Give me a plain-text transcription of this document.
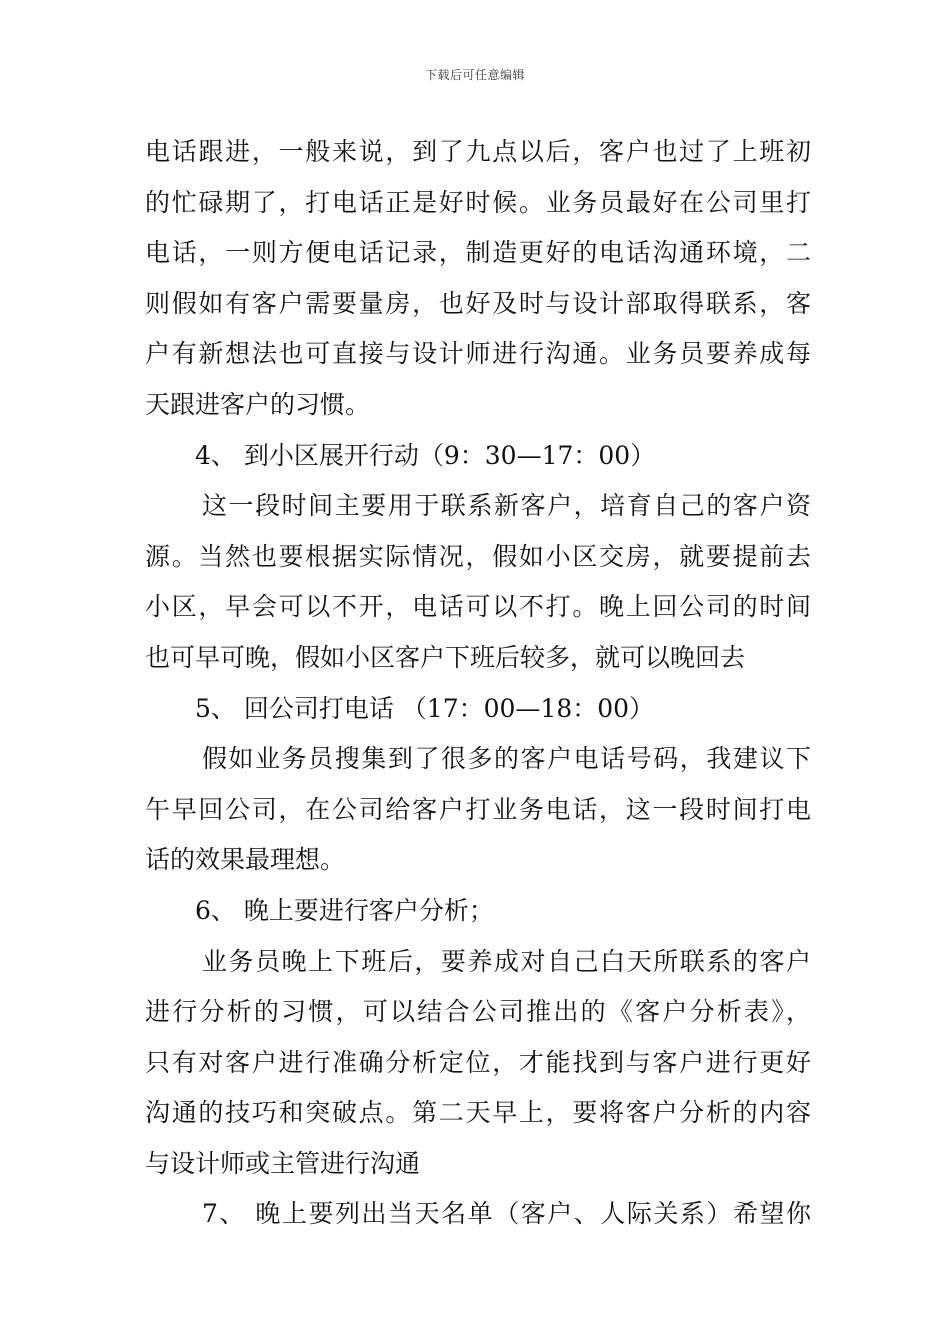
下载后可任意编辑
电话跟进，一般来说，到了九点以后，客户也过了上班初
的忙碌期了，打电话正是好时候。业务员最好在公司里打
电话，一则方便电话记录，制造更好的电话沟通环境，二
则假如有客户需要量房，也好及时与设计部取得联系，客
户有新想法也可直接与设计师进行沟通。业务员要养成每
天跟进客户的习惯。
4、 到小区展开行动（9：30—17：00）
这一段时间主要用于联系新客户，培育自己的客户资
源。当然也要根据实际情况，假如小区交房，就要提前去
小区，早会可以不开，电话可以不打。晚上回公司的时间
也可早可晚，假如小区客户下班后较多，就可以晚回去
5、 回公司打电话 （17：00—18：00）
假如业务员搜集到了很多的客户电话号码，我建议下
午早回公司，在公司给客户打业务电话，这一段时间打电
话的效果最理想。
6、 晚上要进行客户分析；
业务员晚上下班后，要养成对自己白天所联系的客户
进行分析的习惯，可以结合公司推出的《客户分析表》，
只有对客户进行准确分析定位，才能找到与客户进行更好
沟通的技巧和突破点。第二天早上，要将客户分析的内容
与设计师或主管进行沟通
7、 晚上要列出当天名单（客户、人际关系）希望你
